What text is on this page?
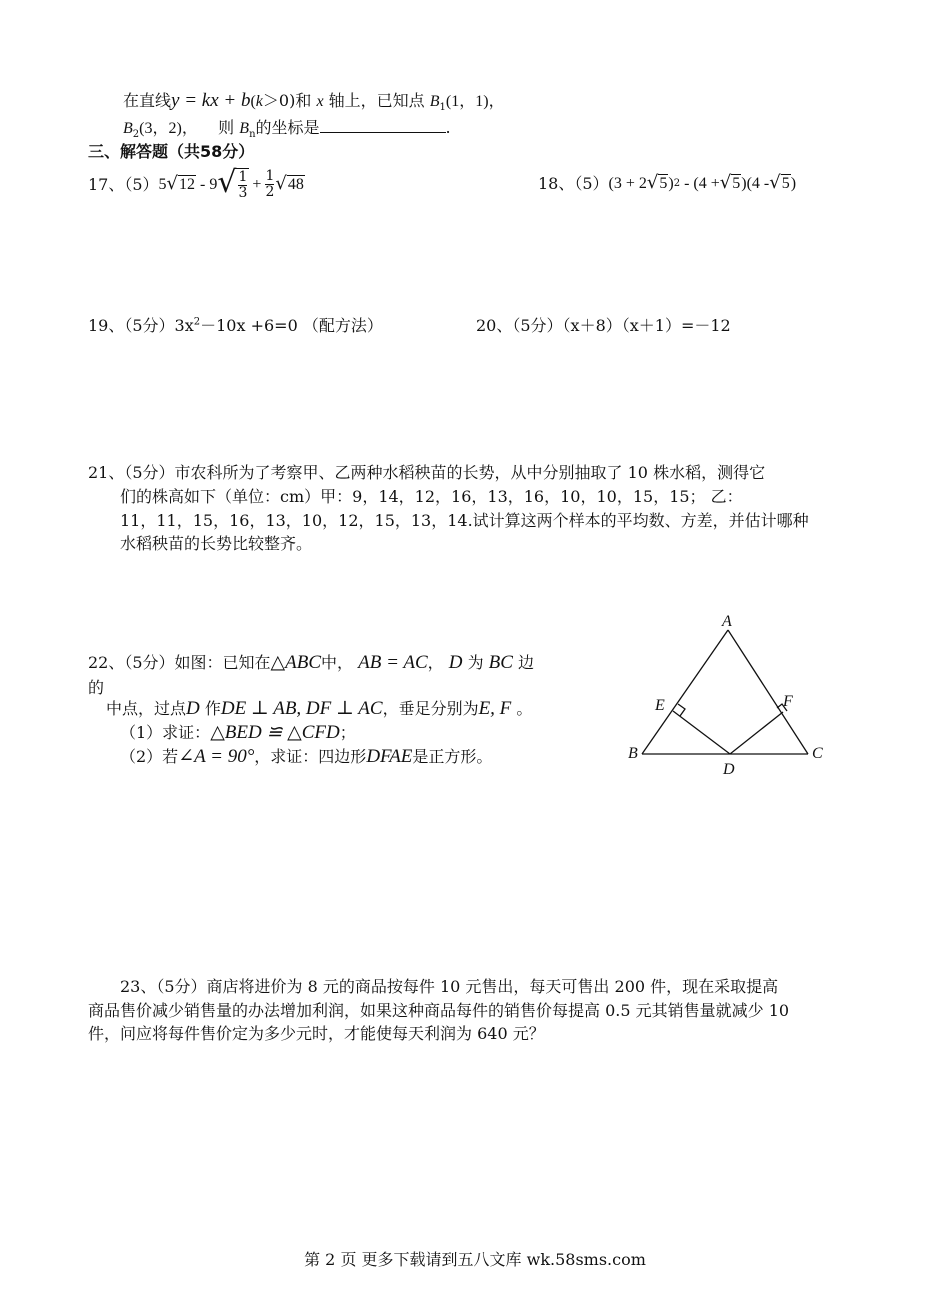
在直线y = kx + b(k＞0)和 x 轴上，已知点 $B_1(1$，1)，
$B_2(3$，2)， 则 $B_n$的坐标是	.
三、解答题（共58分）
17、（5） 5 √ 12 - 9 √ $\frac{1}{3} + \frac{1}{2}$ √ 48	18、（5） (3 + 2 √ 5 ) 2 - (4 + √ 5 )(4 - √ 5 )
19、（5分）$3x^2-10x +6=0$ （配方法）	20、（5分）（x＋8）（x＋1）=－12
21、（5分）市农科所为了考察甲、乙两种水稻秧苗的长势，从中分别抽取了 10 株水稻，测得它
们的株高如下（单位：cm）甲：9，14，12，16，13，16，10，10，15，15； 乙：
11，11，15，16，13，10，12，15，13，14.试计算这两个样本的平均数、方差，并估计哪种
水稻秧苗的长势比较整齐。
22、（5分）如图：已知在△ABC中， AB = AC， D 为 BC 边
的
中点，过点D 作DE ⊥ AB, DF ⊥ AC，垂足分别为E, F 。
（1）求证：△BED ≌ △CFD；
（2）若∠A = 90°，求证：四边形DFAE是正方形。
A
B	C
D
E	F
23、（5分）商店将进价为 8 元的商品按每件 10 元售出，每天可售出 200 件，现在采取提高
商品售价减少销售量的办法增加利润，如果这种商品每件的销售价每提高 0.5 元其销售量就减少 10
件，问应将每件售价定为多少元时，才能使每天利润为 640 元？
第 2 页 更多下载请到五八文库 wk.58sms.com
